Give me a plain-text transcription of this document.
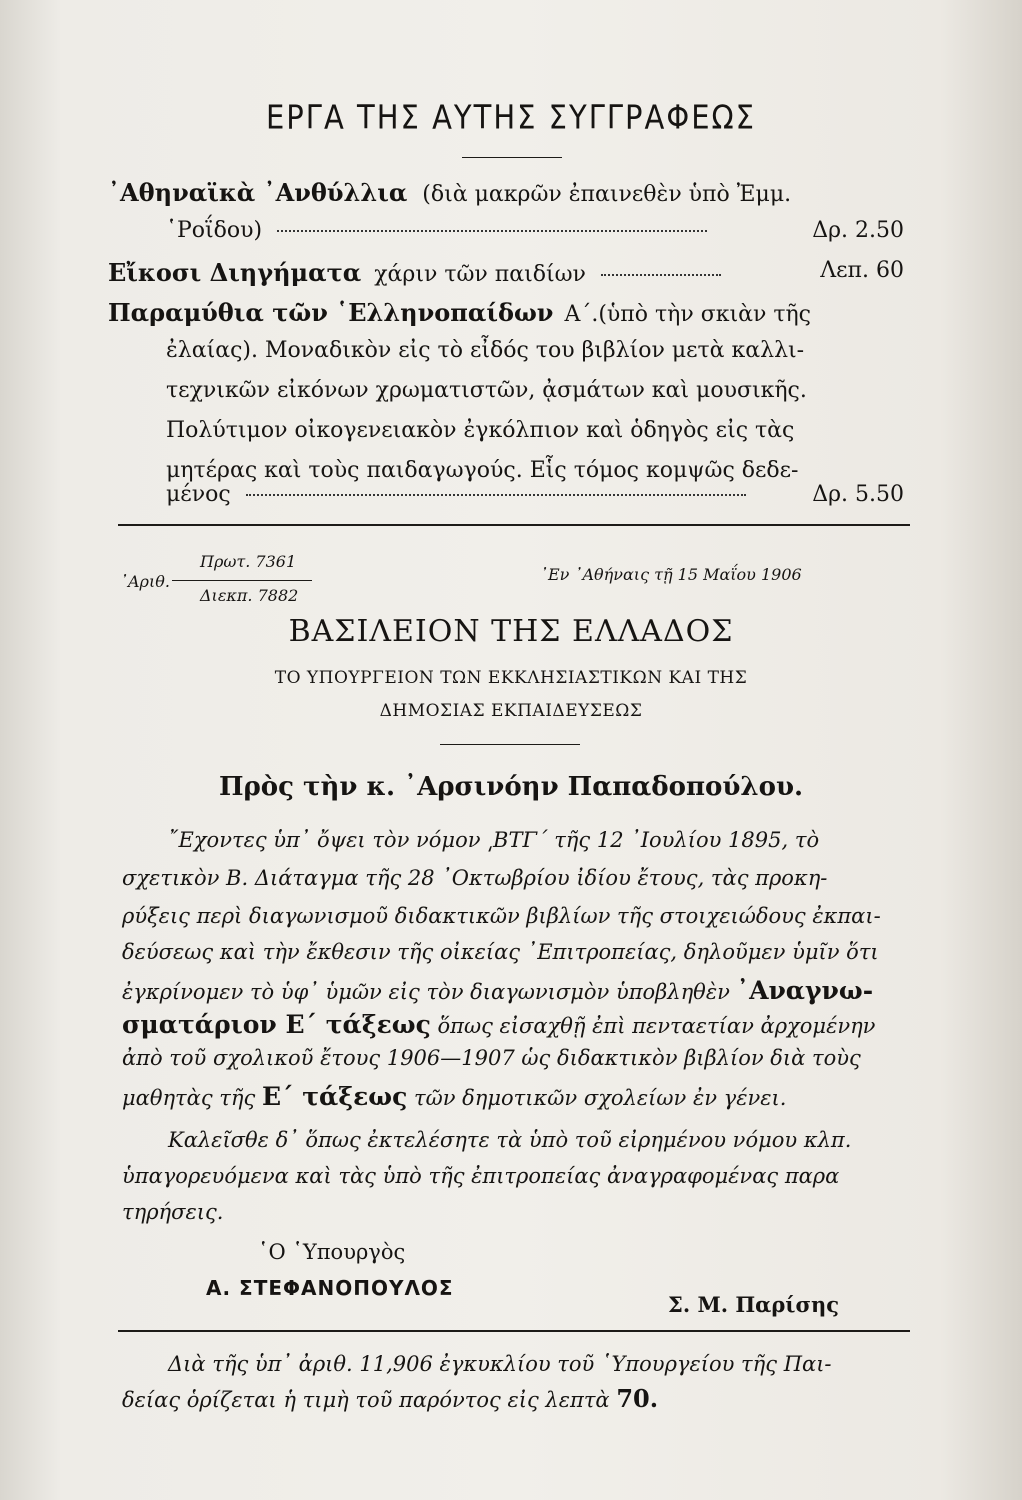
ΕΡΓΑ ΤΗΣ ΑΥΤΗΣ ΣΥΓΓΡΑΦΕΩΣ
᾿Αθηναϊκὰ ᾿Ανθύλλια (διὰ μακρῶν ἐπαινεθὲν ὑπὸ Ἐμμ.
῾Ροΐδου)	Δρ. 2.50
Εἴκοσι Διηγήματα χάριν τῶν παιδίων	Λεπ. 60
Παραμύθια τῶν ῾Ελληνοπαίδων Α΄.(ὑπὸ τὴν σκιὰν τῆς
ἐλαίας). Μοναδικὸν εἰς τὸ εἶδός του βιβλίον μετὰ καλλι-
τεχνικῶν εἰκόνων χρωματιστῶν, ᾀσμάτων καὶ μουσικῆς.
Πολύτιμον οἰκογενειακὸν ἐγκόλπιον καὶ ὁδηγὸς εἰς τὰς
μητέρας καὶ τοὺς παιδαγωγούς. Εἷς τόμος κομψῶς δεδε-
μένος	Δρ. 5.50
᾿Αριθ.
Πρωτ. 7361
Διεκπ. 7882
᾿Εν ᾿Αθήναις τῇ 15 Μαΐου 1906
ΒΑΣΙΛΕΙΟΝ ΤΗΣ ΕΛΛΑΔΟΣ
ΤΟ ΥΠΟΥΡΓΕΙΟΝ ΤΩΝ ΕΚΚΛΗΣΙΑΣΤΙΚΩΝ ΚΑΙ ΤΗΣ
ΔΗΜΟΣΙΑΣ ΕΚΠΑΙΔΕΥΣΕΩΣ
Πρὸς τὴν κ. ᾿Αρσινόην Παπαδοπούλου.
῎Εχοντες ὑπ᾿ ὄψει τὸν νόμον ͵ΒΤΓ΄ τῆς 12 ᾿Ιουλίου 1895, τὸ
σχετικὸν Β. Διάταγμα τῆς 28 ᾿Οκτωβρίου ἰδίου ἔτους, τὰς προκη-
ρύξεις περὶ διαγωνισμοῦ διδακτικῶν βιβλίων τῆς στοιχειώδους ἐκπαι-
δεύσεως καὶ τὴν ἔκθεσιν τῆς οἰκείας ᾿Επιτροπείας, δηλοῦμεν ὑμῖν ὅτι
ἐγκρίνομεν τὸ ὑφ᾿ ὑμῶν εἰς τὸν διαγωνισμὸν ὑποβληθὲν ᾿Αναγνω-
σματάριον Ε΄ τάξεως ὅπως εἰσαχθῇ ἐπὶ πενταετίαν ἀρχομένην
ἀπὸ τοῦ σχολικοῦ ἔτους 1906—1907 ὡς διδακτικὸν βιβλίον διὰ τοὺς
μαθητὰς τῆς Ε΄ τάξεως τῶν δημοτικῶν σχολείων ἐν γένει.
Καλεῖσθε δ᾿ ὅπως ἐκτελέσητε τὰ ὑπὸ τοῦ εἰρημένου νόμου κλπ.
ὑπαγορευόμενα καὶ τὰς ὑπὸ τῆς ἐπιτροπείας ἀναγραφομένας παρα
τηρήσεις.
῾Ο ῾Υπουργὸς
Α. ΣΤΕΦΑΝΟΠΟΥΛΟΣ
Σ. Μ. Παρίσης
Διὰ τῆς ὑπ᾿ ἀριθ. 11,906 ἐγκυκλίου τοῦ ῾Υπουργείου τῆς Παι-
δείας ὁρίζεται ἡ τιμὴ τοῦ παρόντος εἰς λεπτὰ 70.
